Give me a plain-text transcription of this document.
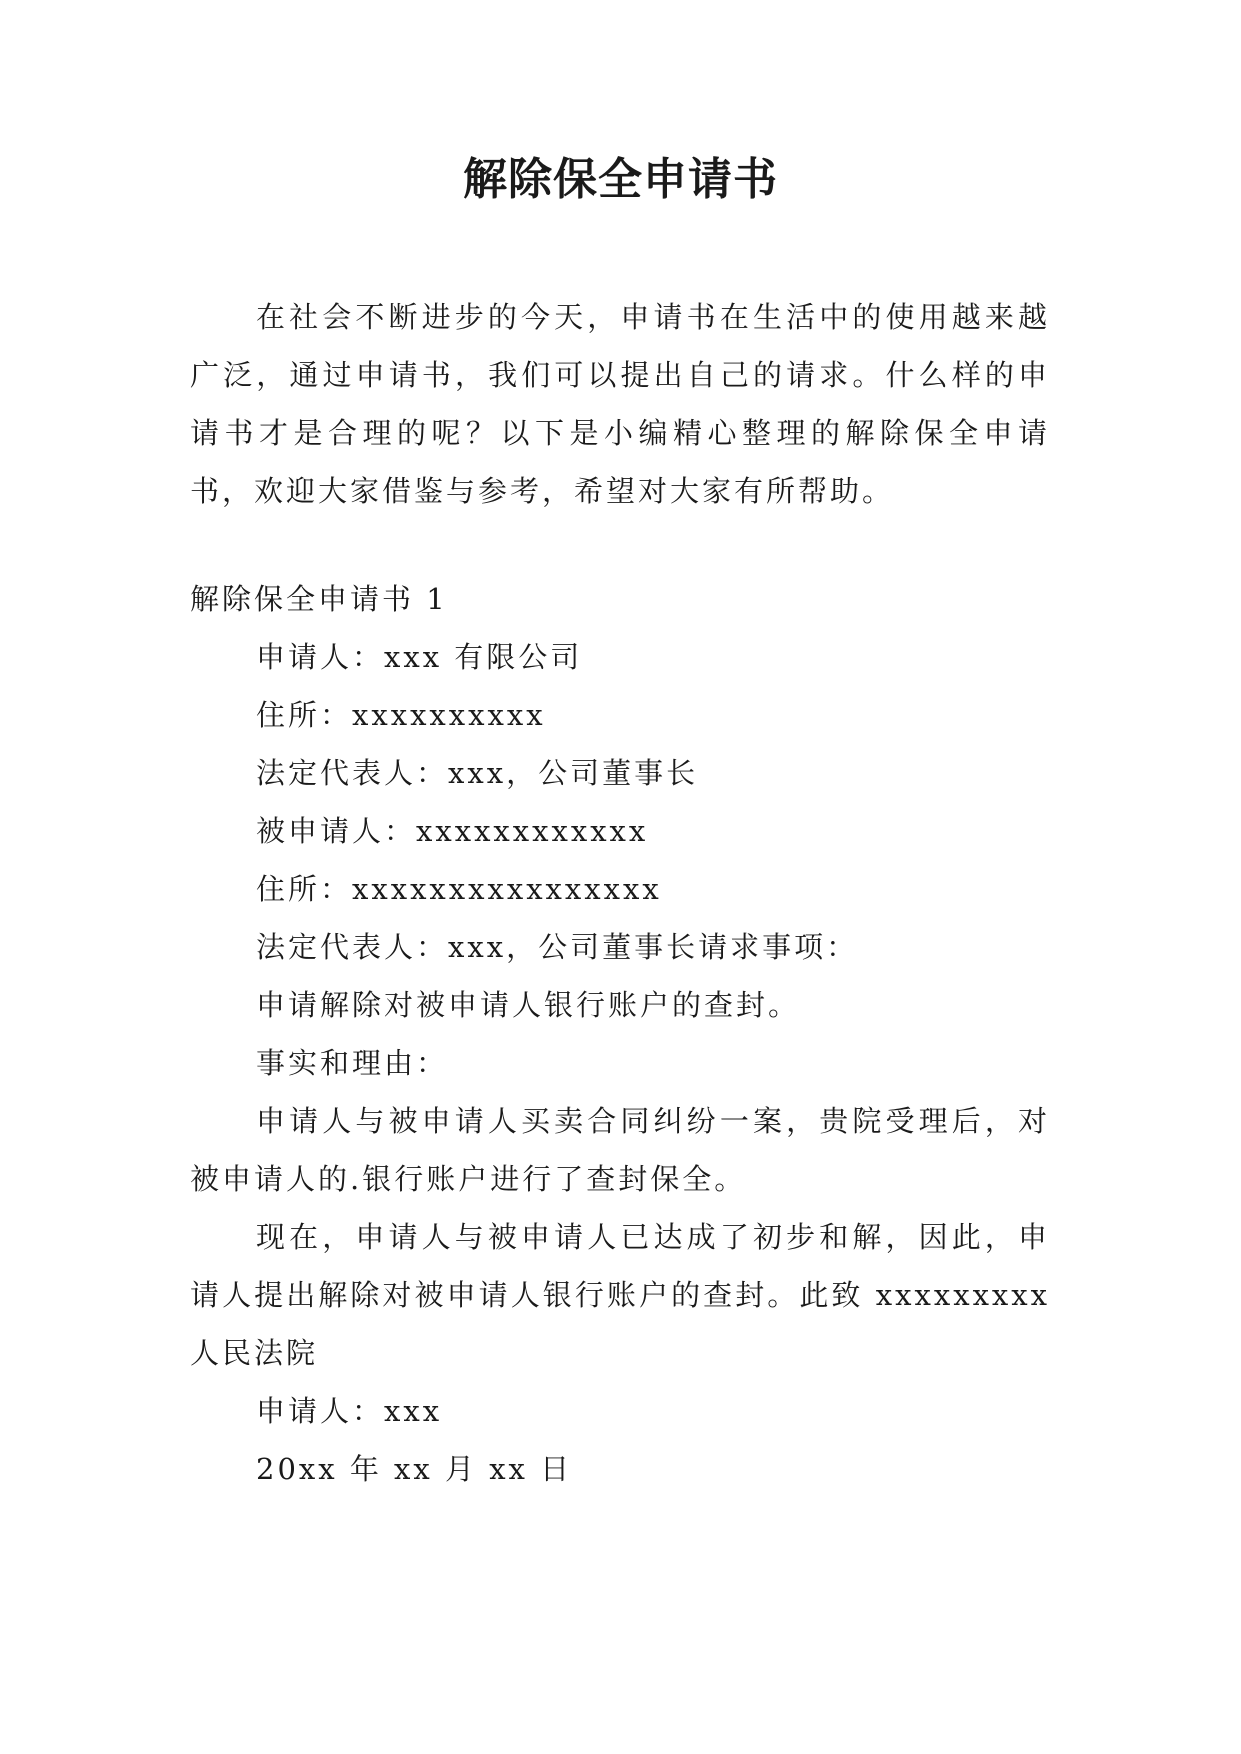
解除保全申请书

在社会不断进步的今天，申请书在生活中的使用越来越广泛，通过申请书，我们可以提出自己的请求。什么样的申请书才是合理的呢？以下是小编精心整理的解除保全申请书，欢迎大家借鉴与参考，希望对大家有所帮助。

解除保全申请书 1

申请人：xxx 有限公司

住所：xxxxxxxxxx

法定代表人：xxx，公司董事长

被申请人：xxxxxxxxxxxx

住所：xxxxxxxxxxxxxxxx

法定代表人：xxx，公司董事长请求事项：

申请解除对被申请人银行账户的查封。

事实和理由：

申请人与被申请人买卖合同纠纷一案，贵院受理后，对被申请人的.银行账户进行了查封保全。

现在，申请人与被申请人已达成了初步和解，因此，申请人提出解除对被申请人银行账户的查封。此致 xxxxxxxxx 人民法院

申请人：xxx

20xx 年 xx 月 xx 日
